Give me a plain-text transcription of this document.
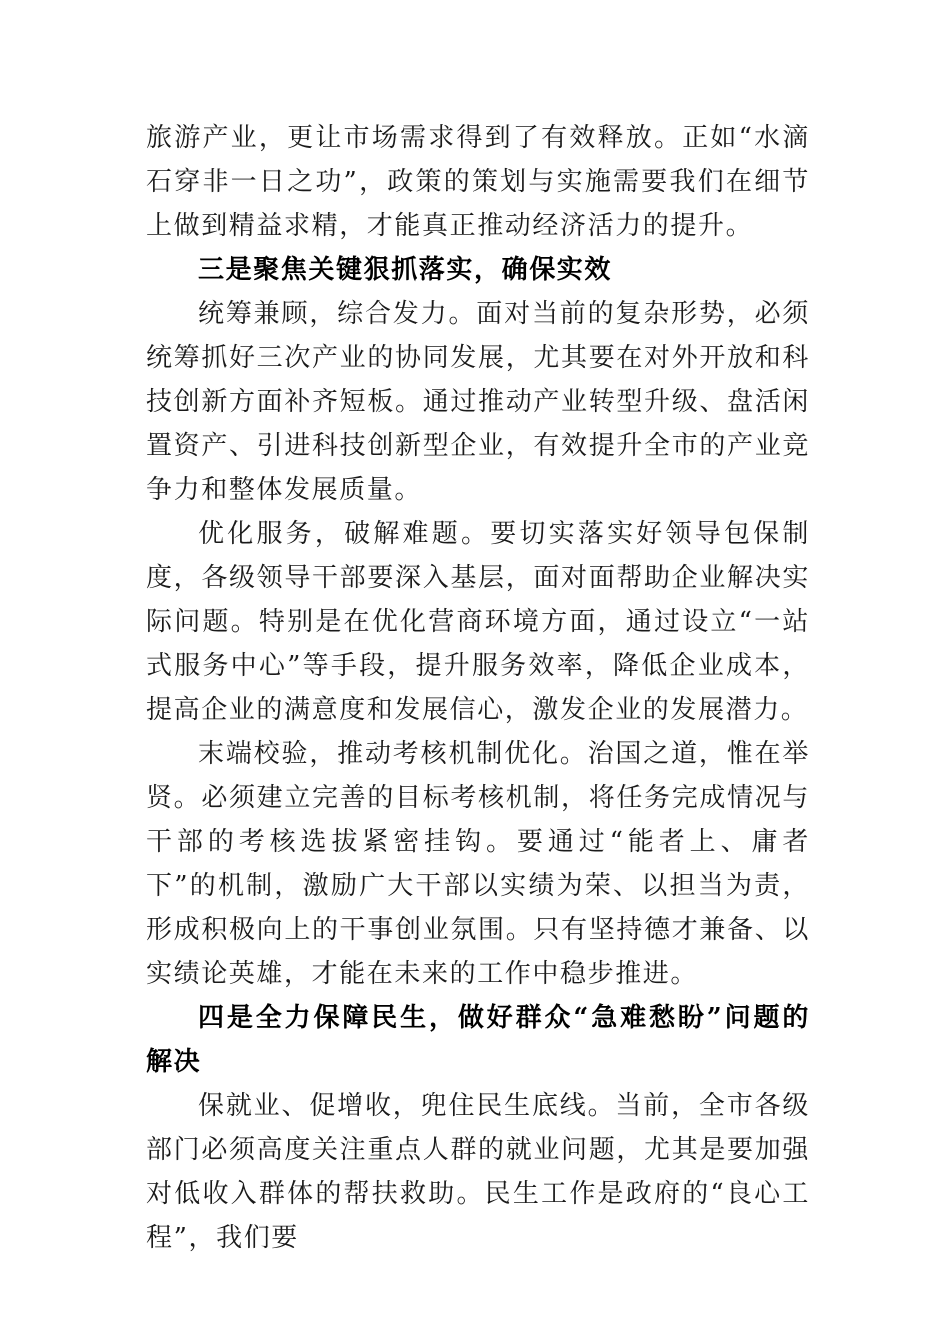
旅游产业，更让市场需求得到了有效释放。正如“水滴石穿非一日之功”，政策的策划与实施需要我们在细节上做到精益求精，才能真正推动经济活力的提升。

三是聚焦关键狠抓落实，确保实效

统筹兼顾，综合发力。面对当前的复杂形势，必须统筹抓好三次产业的协同发展，尤其要在对外开放和科技创新方面补齐短板。通过推动产业转型升级、盘活闲置资产、引进科技创新型企业，有效提升全市的产业竞争力和整体发展质量。

优化服务，破解难题。要切实落实好领导包保制度，各级领导干部要深入基层，面对面帮助企业解决实际问题。特别是在优化营商环境方面，通过设立“一站式服务中心”等手段，提升服务效率，降低企业成本，提高企业的满意度和发展信心，激发企业的发展潜力。

末端校验，推动考核机制优化。治国之道，惟在举贤。必须建立完善的目标考核机制，将任务完成情况与干部的考核选拔紧密挂钩。要通过“能者上、庸者下”的机制，激励广大干部以实绩为荣、以担当为责，形成积极向上的干事创业氛围。只有坚持德才兼备、以实绩论英雄，才能在未来的工作中稳步推进。

四是全力保障民生，做好群众“急难愁盼”问题的解决

保就业、促增收，兜住民生底线。当前，全市各级部门必须高度关注重点人群的就业问题，尤其是要加强对低收入群体的帮扶救助。民生工作是政府的“良心工程”，我们要
